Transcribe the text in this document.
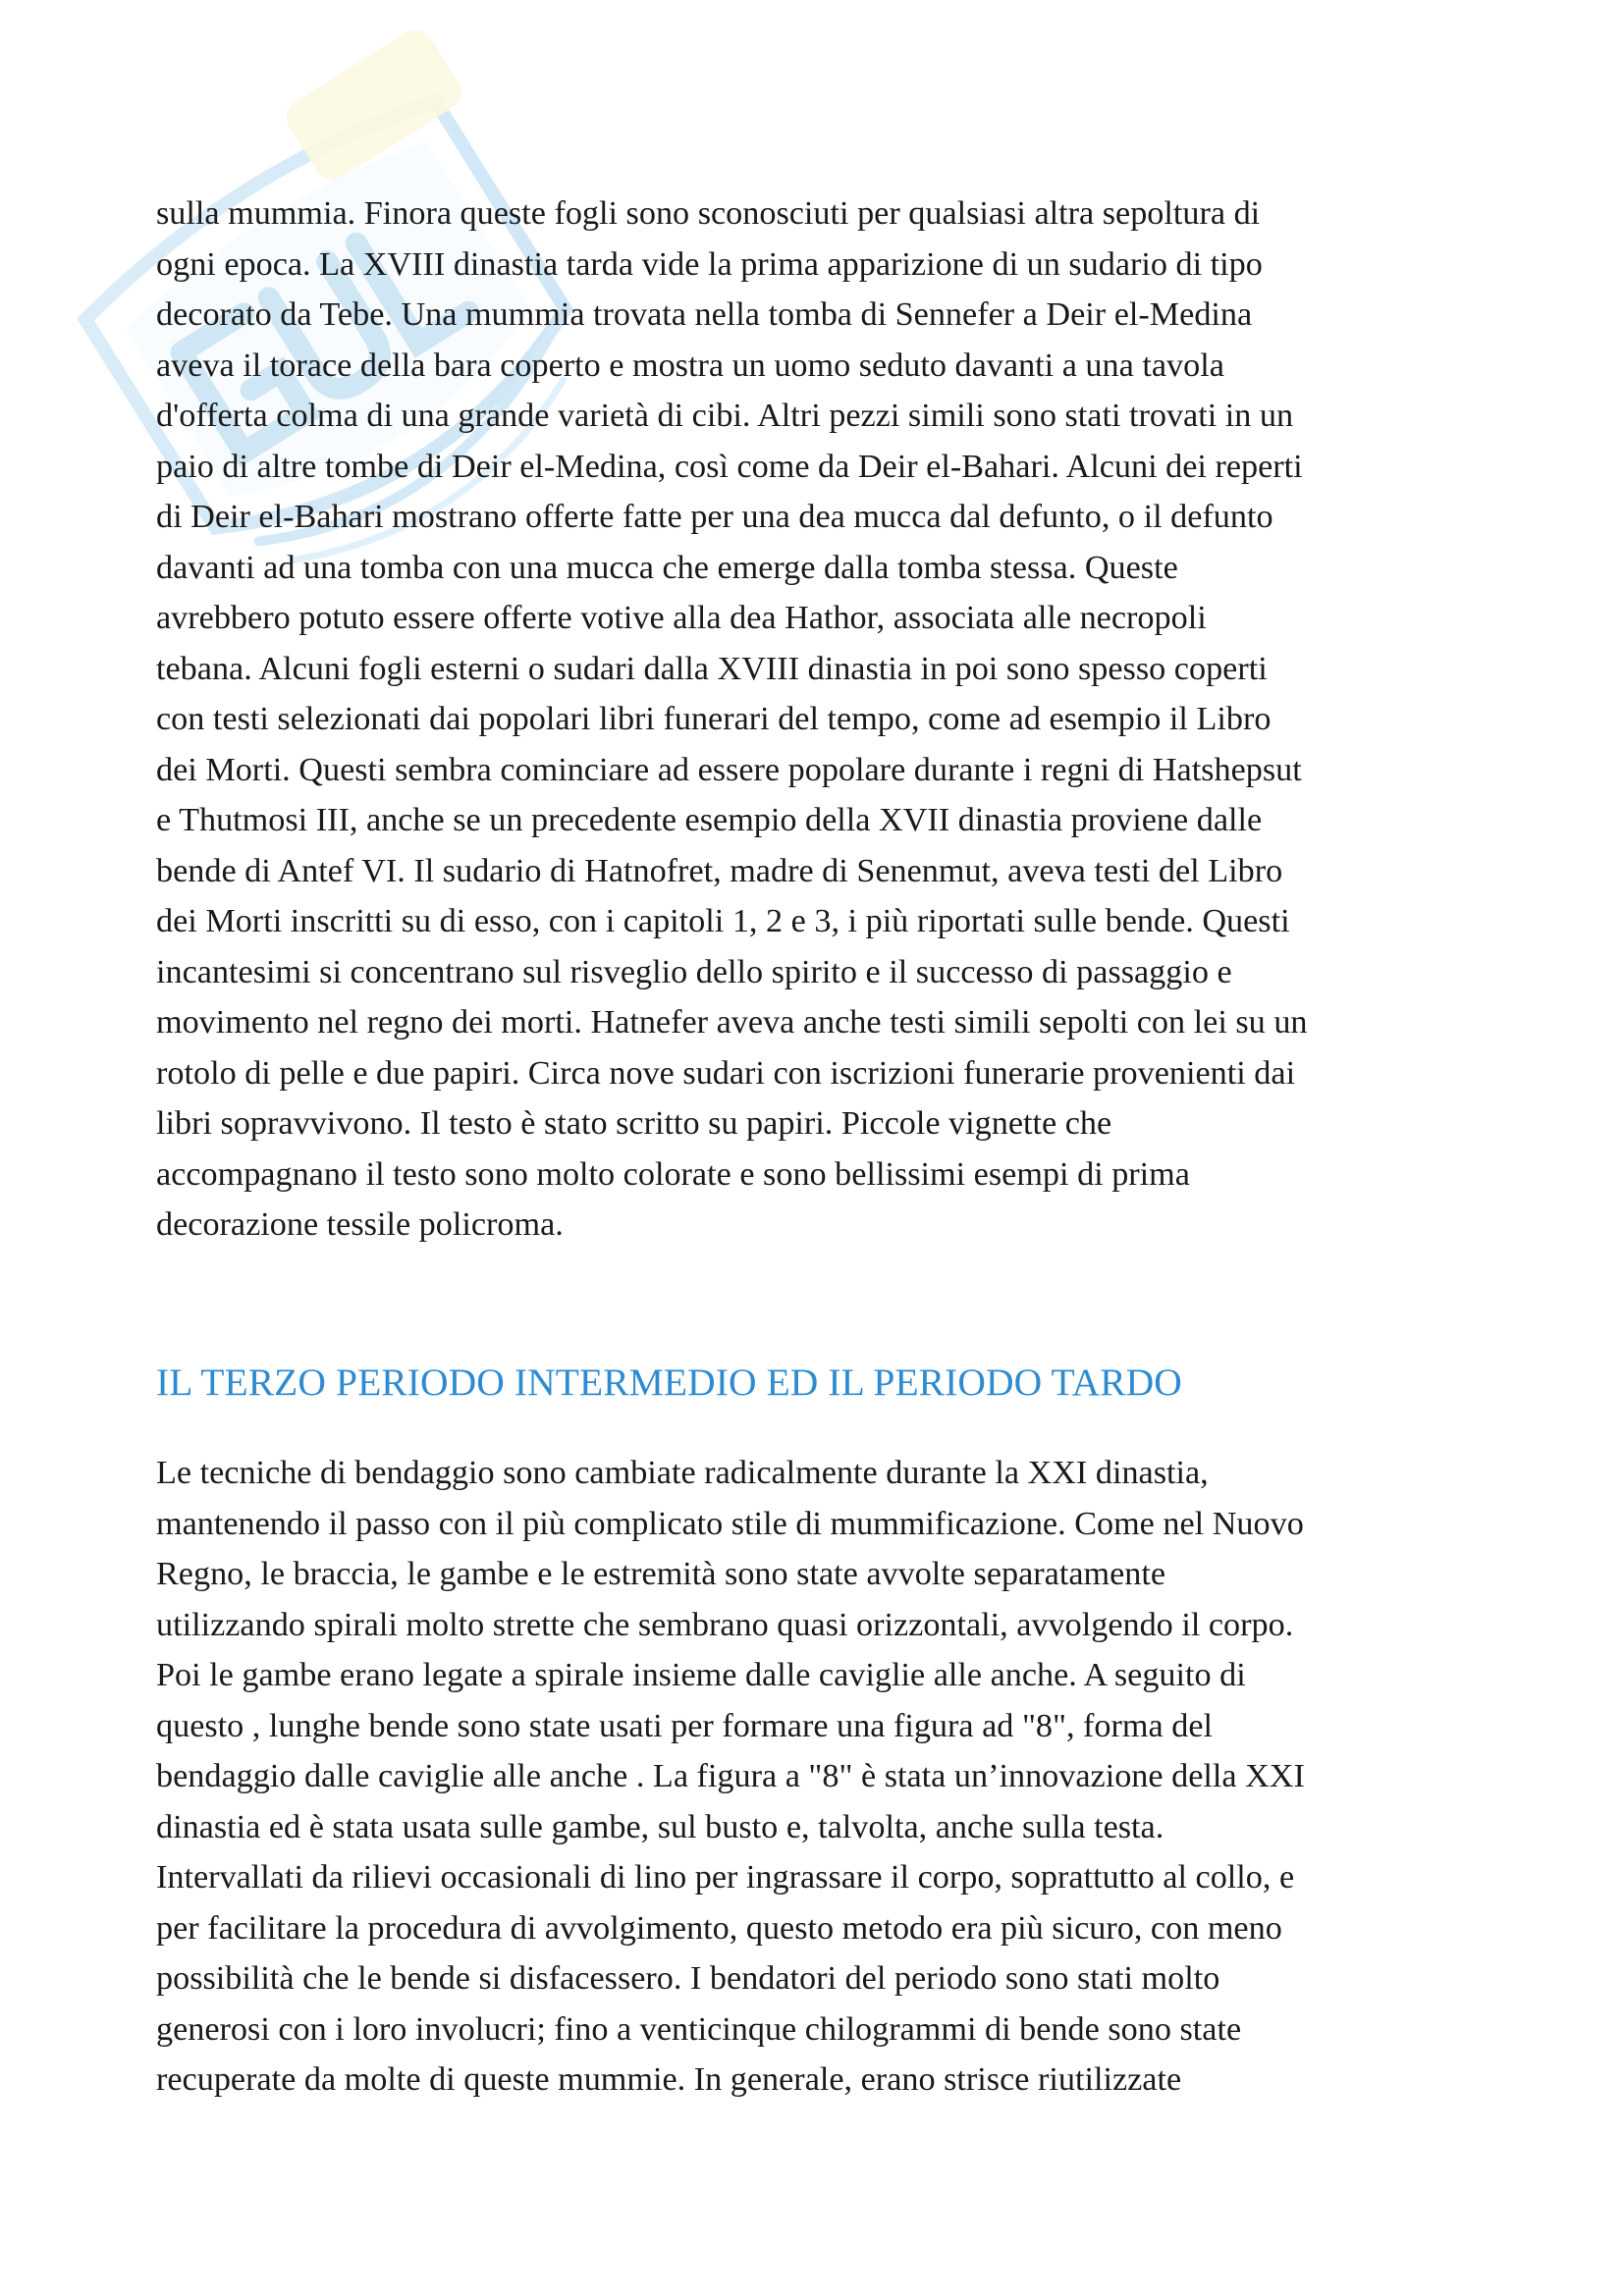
sulla mummia. Finora queste fogli sono sconosciuti per qualsiasi altra sepoltura di
ogni epoca. La XVIII dinastia tarda vide la prima apparizione di un sudario di tipo
decorato da Tebe. Una mummia trovata nella tomba di Sennefer a Deir el-Medina
aveva il torace della bara coperto e mostra un uomo seduto davanti a una tavola
d'offerta colma di una grande varietà di cibi. Altri pezzi simili sono stati trovati in un
paio di altre tombe di Deir el-Medina, così come da Deir el-Bahari. Alcuni dei reperti
di Deir el-Bahari mostrano offerte fatte per una dea mucca dal defunto, o il defunto
davanti ad una tomba con una mucca che emerge dalla tomba stessa. Queste
avrebbero potuto essere offerte votive alla dea Hathor, associata alle necropoli
tebana. Alcuni fogli esterni o sudari dalla XVIII dinastia in poi sono spesso coperti
con testi selezionati dai popolari libri funerari del tempo, come ad esempio il Libro
dei Morti. Questi sembra cominciare ad essere popolare durante i regni di Hatshepsut
e Thutmosi III, anche se un precedente esempio della XVII dinastia proviene dalle
bende di Antef VI. Il sudario di Hatnofret, madre di Senenmut, aveva testi del Libro
dei Morti inscritti su di esso, con i capitoli 1, 2 e 3, i più riportati sulle bende. Questi
incantesimi si concentrano sul risveglio dello spirito e il successo di passaggio e
movimento nel regno dei morti. Hatnefer aveva anche testi simili sepolti con lei su un
rotolo di pelle e due papiri. Circa nove sudari con iscrizioni funerarie provenienti dai
libri sopravvivono. Il testo è stato scritto su papiri. Piccole vignette che
accompagnano il testo sono molto colorate e sono bellissimi esempi di prima
decorazione tessile policroma.

IL TERZO PERIODO INTERMEDIO ED IL PERIODO TARDO

Le tecniche di bendaggio sono cambiate radicalmente durante la XXI dinastia,
mantenendo il passo con il più complicato stile di mummificazione. Come nel Nuovo
Regno, le braccia, le gambe e le estremità sono state avvolte separatamente
utilizzando spirali molto strette che sembrano quasi orizzontali, avvolgendo il corpo.
Poi le gambe erano legate a spirale insieme dalle caviglie alle anche. A seguito di
questo , lunghe bende sono state usati per formare una figura ad "8", forma del
bendaggio dalle caviglie alle anche . La figura a "8" è stata un’innovazione della XXI
dinastia ed è stata usata sulle gambe, sul busto e, talvolta, anche sulla testa.
Intervallati da rilievi occasionali di lino per ingrassare il corpo, soprattutto al collo, e
per facilitare la procedura di avvolgimento, questo metodo era più sicuro, con meno
possibilità che le bende si disfacessero. I bendatori del periodo sono stati molto
generosi con i loro involucri; fino a venticinque chilogrammi di bende sono state
recuperate da molte di queste mummie. In generale, erano strisce riutilizzate
